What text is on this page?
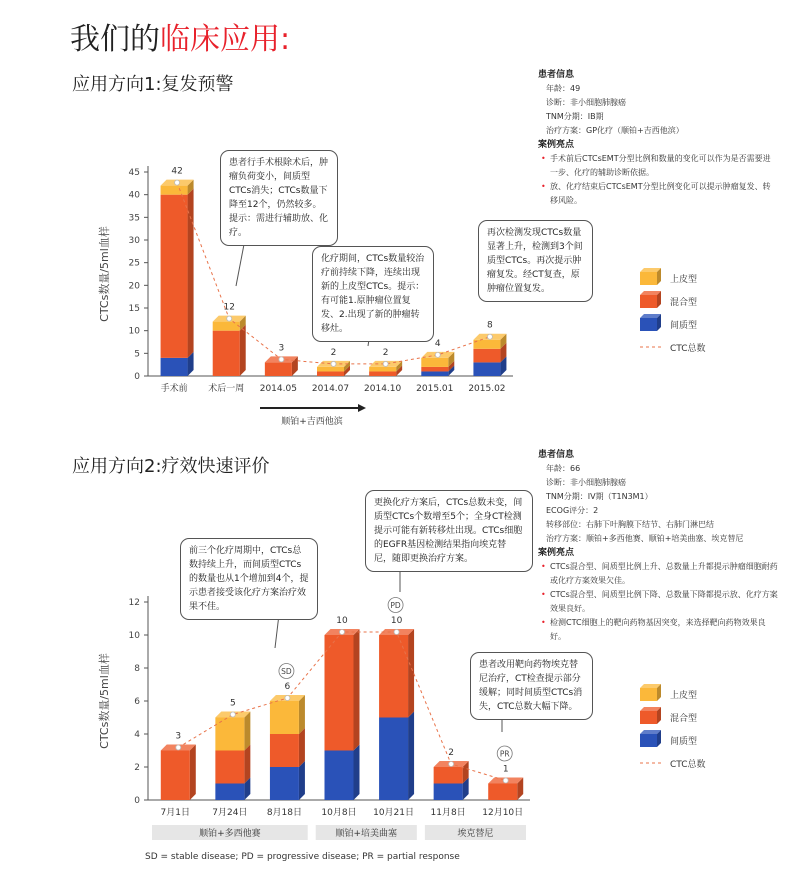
我们的临床应用:
应用方向1:复发预警	患者信息
年龄：49
诊断：非小细胞肺腺癌
TNM分期：IB期
治疗方案：GP化疗（顺铂+吉西他滨）
案例亮点
• 手术前后CTCsEMT分型比例和数量的变化可以作为是否需要进一步、化疗的辅助诊断依据。
• 放、化疗结束后CTCsEMT分型比例变化可以提示肿瘤复发、转移风险。
0
5
10
15
20
25
30
35
40
45
CTCs数量/5ml血样
手术前 术后一周 2014.05 2014.07 2014.10 2015.01 2015.02
42
12
3	2	2
4
8
上皮型
混合型
间质型
CTC总数
顺铂+吉西他滨
患者行手术根除术后，肿瘤负荷变小，间质型CTCs消失；CTCs数量下降至12个，仍然较多。提示：需进行辅助放、化疗。
化疗期间，CTCs数量较治疗前持续下降，连续出现新的上皮型CTCs。提示：有可能1.原肿瘤位置复发、2.出现了新的肿瘤转移灶。
再次检测发现CTCs数量显著上升，检测到3个间质型CTCs。再次提示肿瘤复发。经CT复查，原肿瘤位置复发。
应用方向2:疗效快速评价
患者信息
年龄：66
诊断：非小细胞肺腺癌
TNM分期：IV期（T1N3M1）
ECOG评分：2
转移部位：右肺下叶胸膜下结节、右肺门淋巴结
治疗方案：顺铂+多西他赛、顺铂+培美曲塞、埃克替尼
案例亮点
• CTCs混合型、间质型比例上升、总数量上升都提示肿瘤细胞耐药或化疗方案效果欠佳。
• CTCs混合型、间质型比例下降、总数量下降都提示放、化疗方案效果良好。
• 检测CTC细胞上的靶向药物基因突变，来选择靶向药物效果良好。
0
2
4
6
8
10
12
CTCs数量/5ml血样
7月1日 7月24日 8月18日 10月8日 10月21日 11月8日 12月10日
3
5
6
10	10
2
1
上皮型
混合型
间质型
CTC总数
SD
PD
PR
顺铂+多西他赛	顺铂+培美曲塞	埃克替尼
前三个化疗周期中，CTCs总数持续上升，而间质型CTCs的数量也从1个增加到4个，提示患者接受该化疗方案治疗效果不佳。
更换化疗方案后，CTCs总数未变，间质型CTCs个数增至5个；全身CT检测提示可能有新转移灶出现。CTCs细胞的EGFR基因检测结果指向埃克替尼，随即更换治疗方案。
患者改用靶向药物埃克替尼治疗，CT检查提示部分缓解；同时间质型CTCs消失，CTC总数大幅下降。
SD = stable disease; PD = progressive disease; PR = partial response
